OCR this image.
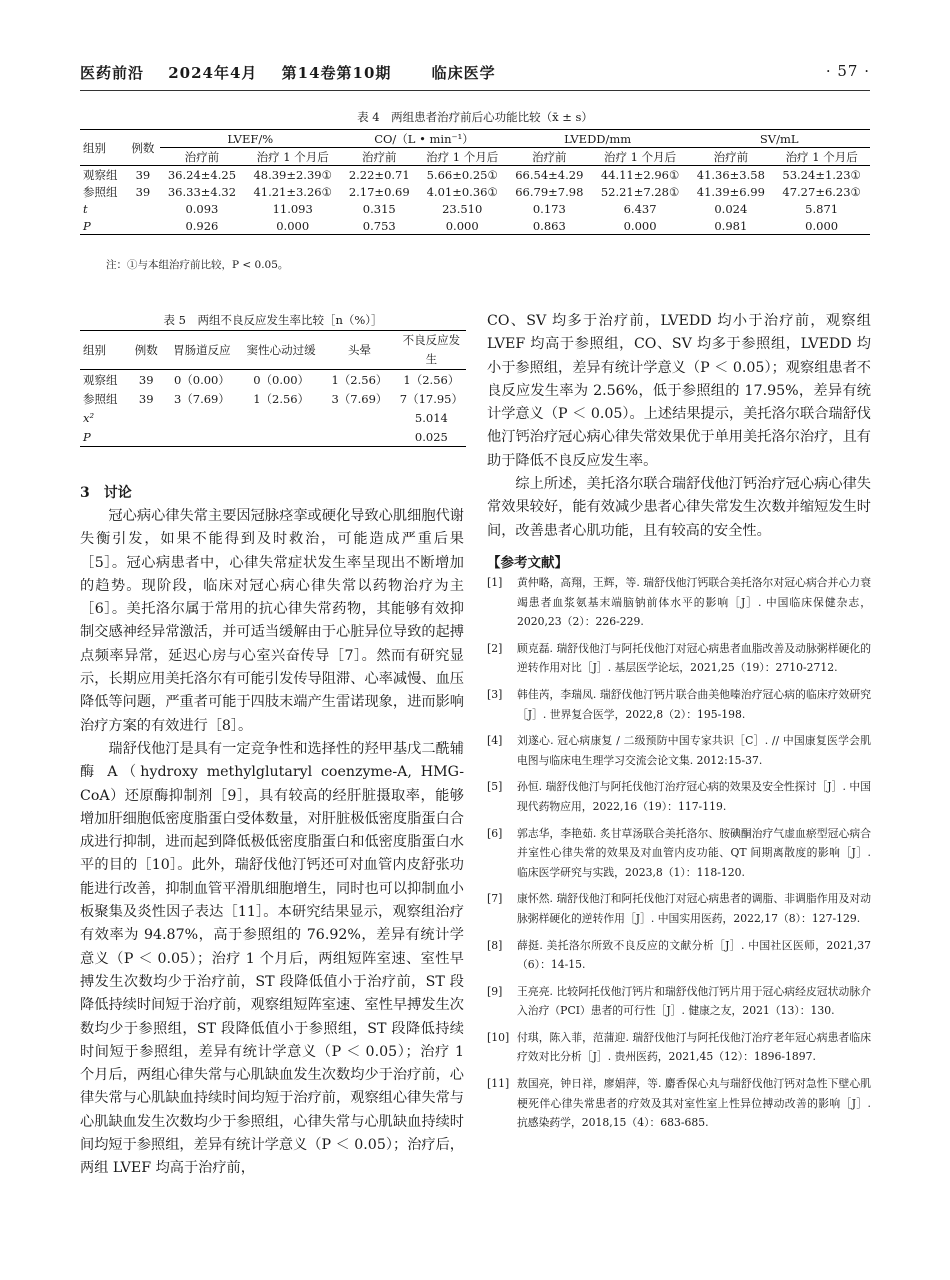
医药前沿 2024年4月 第14卷第10期	临床医学	· 57 ·
表 4　两组患者治疗前后心功能比较（x̄ ± s）
组别	例数	LVEF/%		CO/（L • min⁻¹）		LVEDD/mm		SV/mL	
		治疗前	治疗 1 个月后	治疗前	治疗 1 个月后	治疗前	治疗 1 个月后	治疗前	治疗 1 个月后
观察组	39	36.24±4.25	48.39±2.39①	2.22±0.71	5.66±0.25①	66.54±4.29	44.11±2.96①	41.36±3.58	53.24±1.23①
参照组	39	36.33±4.32	41.21±3.26①	2.17±0.69	4.01±0.36①	66.79±7.98	52.21±7.28①	41.39±6.99	47.27±6.23①
t		0.093	11.093	0.315	23.510	0.173	6.437	0.024	5.871
P		0.926	0.000	0.753	0.000	0.863	0.000	0.981	0.000
注：①与本组治疗前比较，P < 0.05。
表 5　两组不良反应发生率比较［n（%）］
组别	例数	胃肠道反应	窦性心动过缓	头晕	不良反应发生
观察组	39	0（0.00）	0（0.00）	1（2.56）	1（2.56）
参照组	39	3（7.69）	1（2.56）	3（7.69）	7（17.95）
x²					5.014
P					0.025
3　讨论

冠心病心律失常主要因冠脉痉挛或硬化导致心肌细胞代谢失衡引发，如果不能得到及时救治，可能造成严重后果［5］。冠心病患者中，心律失常症状发生率呈现出不断增加的趋势。现阶段，临床对冠心病心律失常以药物治疗为主［6］。美托洛尔属于常用的抗心律失常药物，其能够有效抑制交感神经异常激活，并可适当缓解由于心脏异位导致的起搏点频率异常，延迟心房与心室兴奋传导［7］。然而有研究显示，长期应用美托洛尔有可能引发传导阻滞、心率减慢、血压降低等问题，严重者可能于四肢末端产生雷诺现象，进而影响治疗方案的有效进行［8］。

瑞舒伐他汀是具有一定竞争性和选择性的羟甲基戊二酰辅酶 A（hydroxy methylglutaryl coenzyme-A, HMG-CoA）还原酶抑制剂［9］，具有较高的经肝脏摄取率，能够增加肝细胞低密度脂蛋白受体数量，对肝脏极低密度脂蛋白合成进行抑制，进而起到降低极低密度脂蛋白和低密度脂蛋白水平的目的［10］。此外，瑞舒伐他汀钙还可对血管内皮舒张功能进行改善，抑制血管平滑肌细胞增生，同时也可以抑制血小板聚集及炎性因子表达［11］。本研究结果显示，观察组治疗有效率为 94.87%，高于参照组的 76.92%，差异有统计学意义（P ＜ 0.05）；治疗 1 个月后，两组短阵室速、室性早搏发生次数均少于治疗前，ST 段降低值小于治疗前，ST 段降低持续时间短于治疗前，观察组短阵室速、室性早搏发生次数均少于参照组，ST 段降低值小于参照组，ST 段降低持续时间短于参照组，差异有统计学意义（P ＜ 0.05）；治疗 1 个月后，两组心律失常与心肌缺血发生次数均少于治疗前，心律失常与心肌缺血持续时间均短于治疗前，观察组心律失常与心肌缺血发生次数均少于参照组，心律失常与心肌缺血持续时间均短于参照组，差异有统计学意义（P ＜ 0.05）；治疗后，两组 LVEF 均高于治疗前，

CO、SV 均多于治疗前，LVEDD 均小于治疗前，观察组 LVEF 均高于参照组，CO、SV 均多于参照组，LVEDD 均小于参照组，差异有统计学意义（P ＜ 0.05）；观察组患者不良反应发生率为 2.56%，低于参照组的 17.95%，差异有统计学意义（P ＜ 0.05）。上述结果提示，美托洛尔联合瑞舒伐他汀钙治疗冠心病心律失常效果优于单用美托洛尔治疗，且有助于降低不良反应发生率。

综上所述，美托洛尔联合瑞舒伐他汀钙治疗冠心病心律失常效果较好，能有效减少患者心律失常发生次数并缩短发生时间，改善患者心肌功能，且有较高的安全性。

【参考文献】
[1] 黄仲略，高翔，王辉，等. 瑞舒伐他汀钙联合美托洛尔对冠心病合并心力衰竭患者血浆氨基末端脑钠前体水平的影响［J］. 中国临床保健杂志，2020,23（2）：226-229.
[2] 顾克磊. 瑞舒伐他汀与阿托伐他汀对冠心病患者血脂改善及动脉粥样硬化的逆转作用对比［J］. 基层医学论坛，2021,25（19）：2710-2712.
[3] 韩佳芮，李瑞凤. 瑞舒伐他汀钙片联合曲美他嗪治疗冠心病的临床疗效研究［J］. 世界复合医学，2022,8（2）：195-198.
[4] 刘遂心. 冠心病康复 / 二级预防中国专家共识［C］. // 中国康复医学会肌电图与临床电生理学习交流会论文集. 2012:15-37.
[5] 孙恒. 瑞舒伐他汀与阿托伐他汀治疗冠心病的效果及安全性探讨［J］. 中国现代药物应用，2022,16（19）：117-119.
[6] 郭志华，李艳茹. 炙甘草汤联合美托洛尔、胺碘酮治疗气虚血瘀型冠心病合并室性心律失常的效果及对血管内皮功能、QT 间期离散度的影响［J］. 临床医学研究与实践，2023,8（1）：118-120.
[7] 康怀然. 瑞舒伐他汀和阿托伐他汀对冠心病患者的调脂、非调脂作用及对动脉粥样硬化的逆转作用［J］. 中国实用医药，2022,17（8）：127-129.
[8] 薛挺. 美托洛尔所致不良反应的文献分析［J］. 中国社区医师，2021,37（6）：14-15.
[9] 王亮亮. 比较阿托伐他汀钙片和瑞舒伐他汀钙片用于冠心病经皮冠状动脉介入治疗（PCI）患者的可行性［J］. 健康之友，2021（13）：130.
[10] 付琪，陈入菲，范蒲迎. 瑞舒伐他汀与阿托伐他汀治疗老年冠心病患者临床疗效对比分析［J］. 贵州医药，2021,45（12）：1896-1897.
[11] 敖国亮，钟日祥，廖娟萍，等. 麝香保心丸与瑞舒伐他汀钙对急性下壁心肌梗死伴心律失常患者的疗效及其对室性室上性异位搏动改善的影响［J］. 抗感染药学，2018,15（4）：683-685.
